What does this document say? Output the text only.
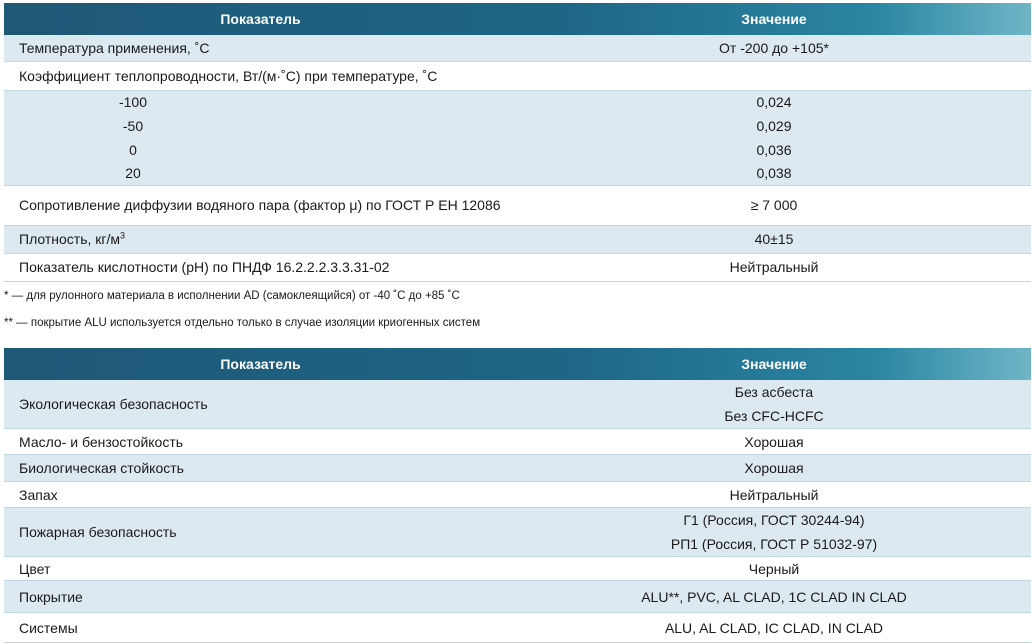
Показатель	Значение
Температура применения, ˚С	От -200 до +105*
Коэффициент теплопроводности, Вт/(м·˚С) при температуре, ˚С	
-100	0,024
-50	0,029
0	0,036
20	0,038
Сопротивление диффузии водяного пара (фактор μ) по ГОСТ Р ЕН 12086	≥ 7 000
Плотность, $кг/м^3$	40±15
Показатель кислотности (pH) по ПНДФ 16.2.2.2.3.3.31-02	Нейтральный
* — для рулонного материала в исполнении AD (самоклеящийся) от -40 ˚С до +85 ˚С
** — покрытие ALU используется отдельно только в случае изоляции криогенных систем
Показатель	Значение
Экологическая безопасность	Без асбеста
Без CFC-HCFC

Масло- и бензостойкость	Хорошая
Биологическая стойкость	Хорошая
Запах	Нейтральный
Пожарная безопасность	Г1 (Россия, ГОСТ 30244-94)
РП1 (Россия, ГОСТ Р 51032-97)

Цвет	Черный
Покрытие	ALU**, PVC, AL CLAD, 1C CLAD IN CLAD
Системы	ALU, AL CLAD, IC CLAD, IN CLAD
